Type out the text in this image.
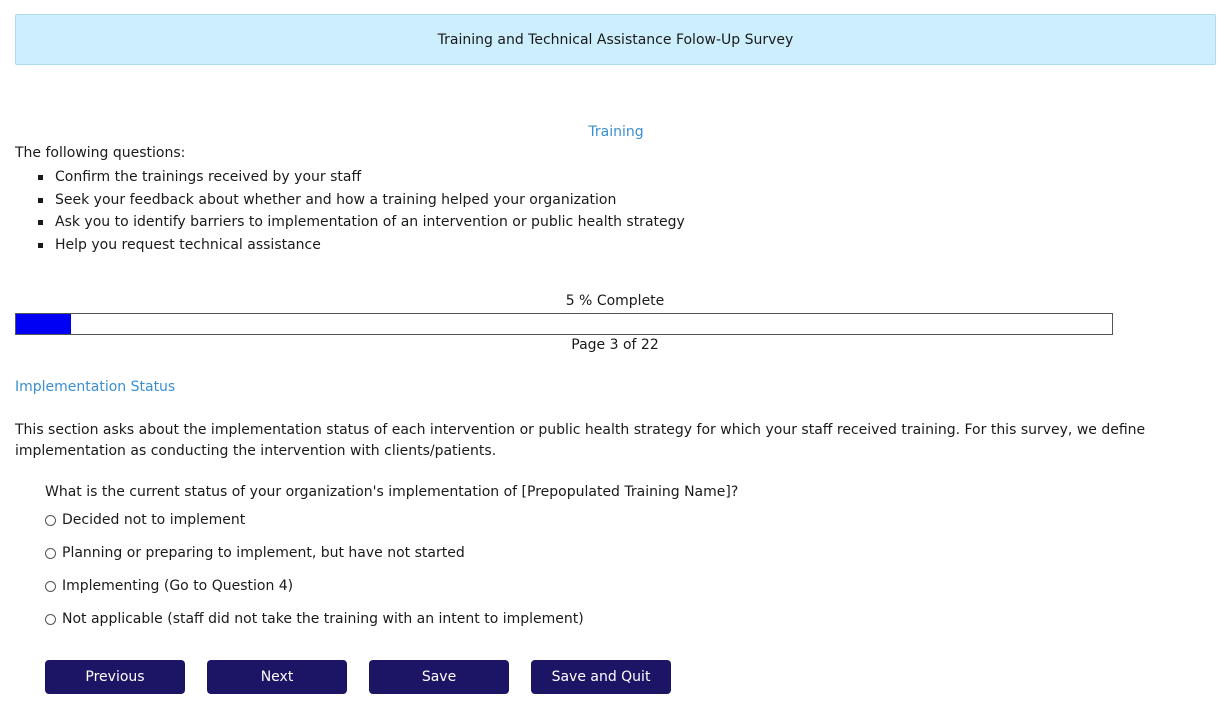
Training and Technical Assistance Folow-Up Survey
Training
The following questions:
Confirm the trainings received by your staff
Seek your feedback about whether and how a training helped your organization
Ask you to identify barriers to implementation of an intervention or public health strategy
Help you request technical assistance
5 % Complete
Page 3 of 22
Implementation Status
This section asks about the implementation status of each intervention or public health strategy for which your staff received training. For this survey, we define implementation as conducting the intervention with clients/patients.
What is the current status of your organization's implementation of [Prepopulated Training Name]?
Decided not to implement
Planning or preparing to implement, but have not started
Implementing (Go to Question 4)
Not applicable (staff did not take the training with an intent to implement)
Previous	Next	Save	Save and Quit
